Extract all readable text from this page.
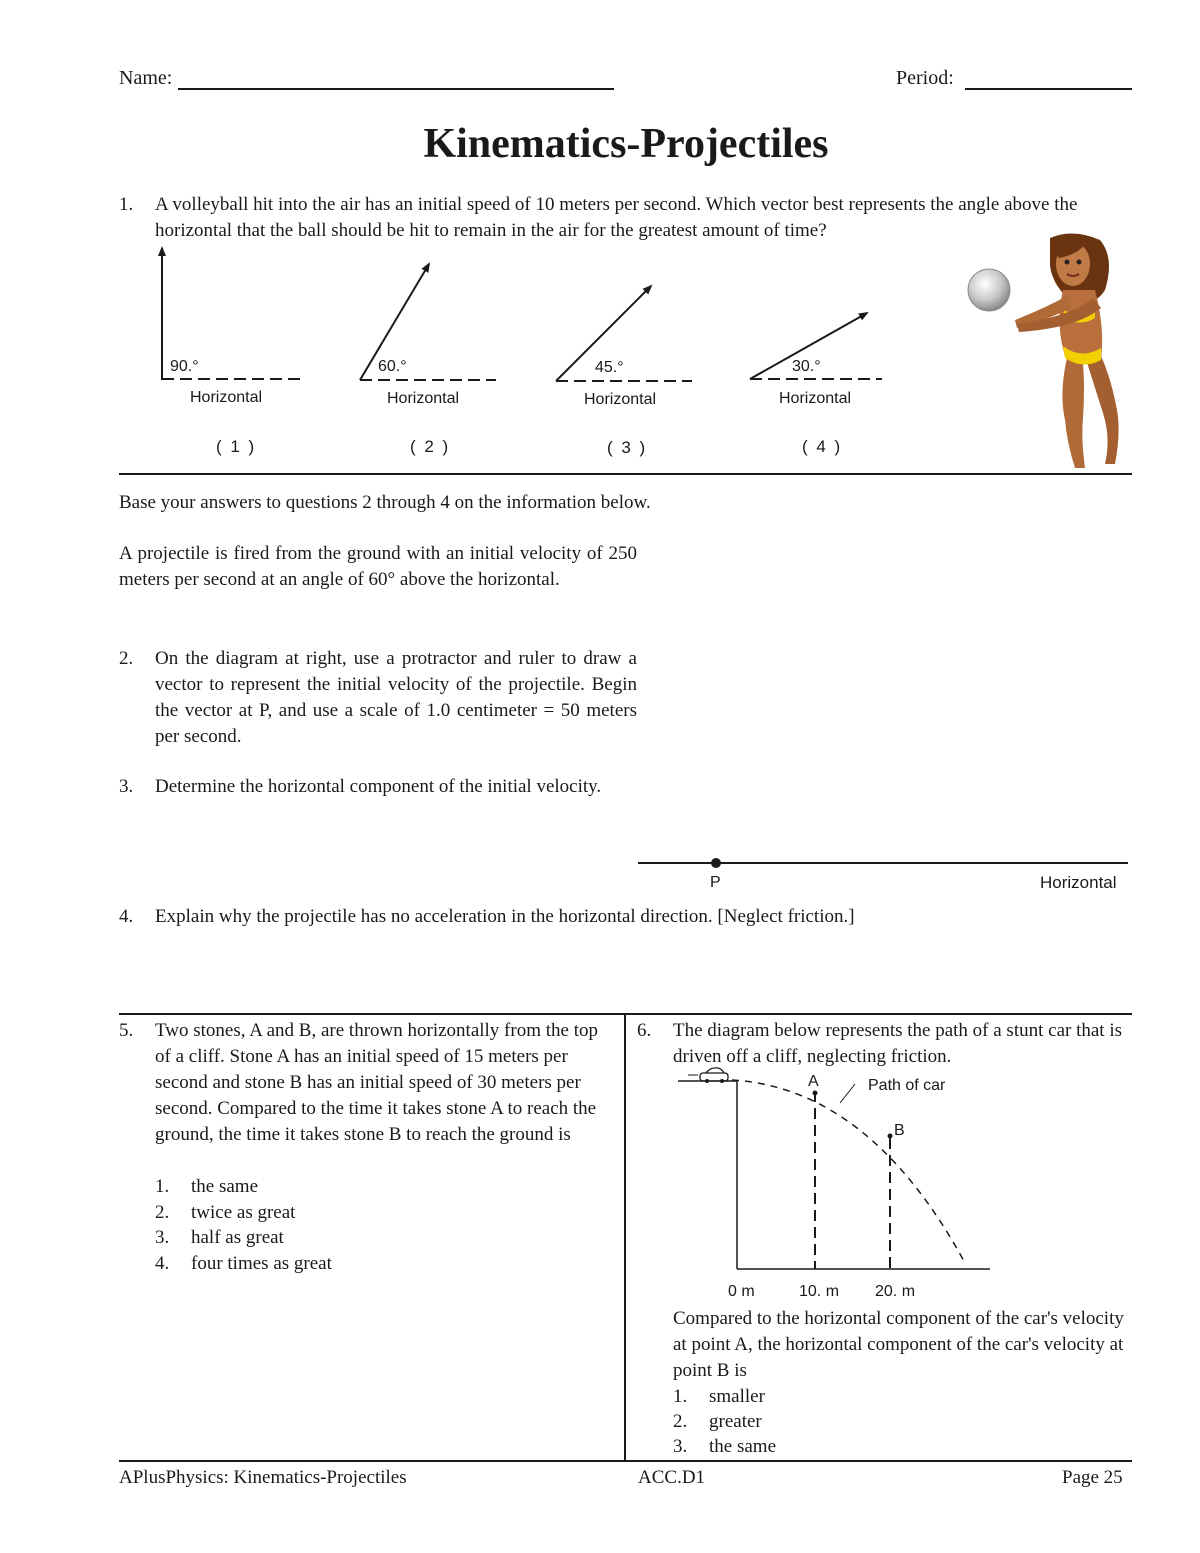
Name:	Period:
Kinematics-Projectiles
1. A volleyball hit into the air has an initial speed of 10 meters per second. Which vector best represents the angle above the horizontal that the ball should be hit to remain in the air for the greatest amount of time?
90.°
Horizontal
( 1 )
60.°
Horizontal
( 2 )
45.°
Horizontal
( 3 )
30.°
Horizontal
( 4 )
Base your answers to questions 2 through 4 on the information below.
A projectile is fired from the ground with an initial velocity of 250 meters per second at an angle of 60° above the horizontal.
2. On the diagram at right, use a protractor and ruler to draw a vector to represent the initial velocity of the projectile. Begin the vector at P, and use a scale of 1.0 centimeter = 50 meters per second.
3. Determine the horizontal component of the initial velocity.
P	Horizontal
4. Explain why the projectile has no acceleration in the horizontal direction. [Neglect friction.]
5. Two stones, A and B, are thrown horizontally from the top of a cliff. Stone A has an initial speed of 15 meters per second and stone B has an initial speed of 30 meters per second. Compared to the time it takes stone A to reach the ground, the time it takes stone B to reach the ground is
1. the same
2. twice as great
3. half as great
4. four times as great
6. The diagram below represents the path of a stunt car that is driven off a cliff, neglecting friction.
A
B
Path of car
0 m	10. m 20. m
Compared to the horizontal component of the car's velocity at point A, the horizontal component of the car's velocity at point B is
1. smaller
2. greater
3. the same
APlusPhysics: Kinematics-Projectiles	ACC.D1	Page 25
